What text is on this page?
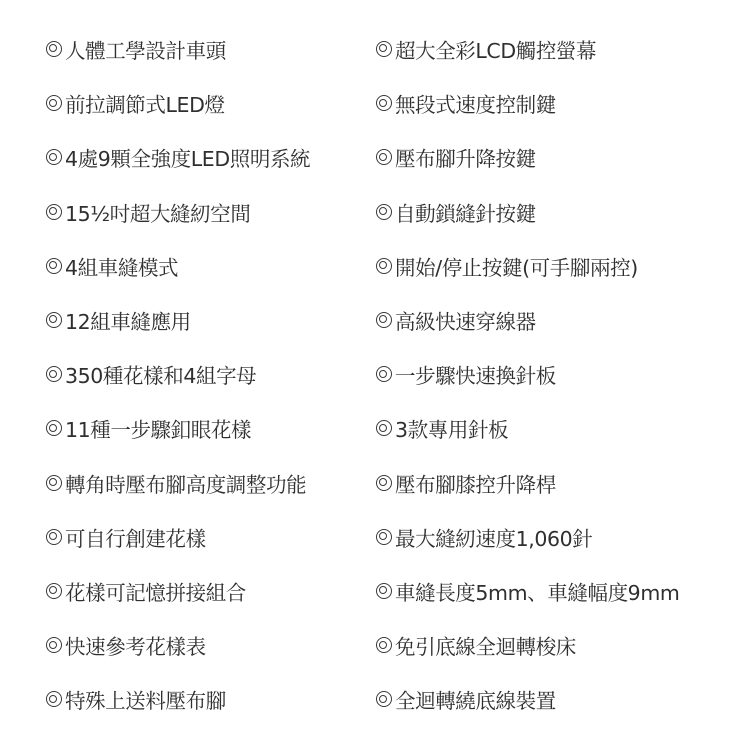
人體工學設計車頭
前拉調節式LED燈
4處9顆全強度LED照明系統
15½吋超大縫紉空間
4組車縫模式
12組車縫應用
350種花樣和4組字母
11種一步驟釦眼花樣
轉角時壓布腳高度調整功能
可自行創建花樣
花樣可記憶拼接組合
快速參考花樣表
特殊上送料壓布腳
超大全彩LCD觸控螢幕
無段式速度控制鍵
壓布腳升降按鍵
自動鎖縫針按鍵
開始/停止按鍵(可手腳兩控)
高級快速穿線器
一步驟快速換針板
3款專用針板
壓布腳膝控升降桿
最大縫紉速度1,060針
車縫長度5mm、車縫幅度9mm
免引底線全迴轉梭床
全迴轉繞底線裝置
